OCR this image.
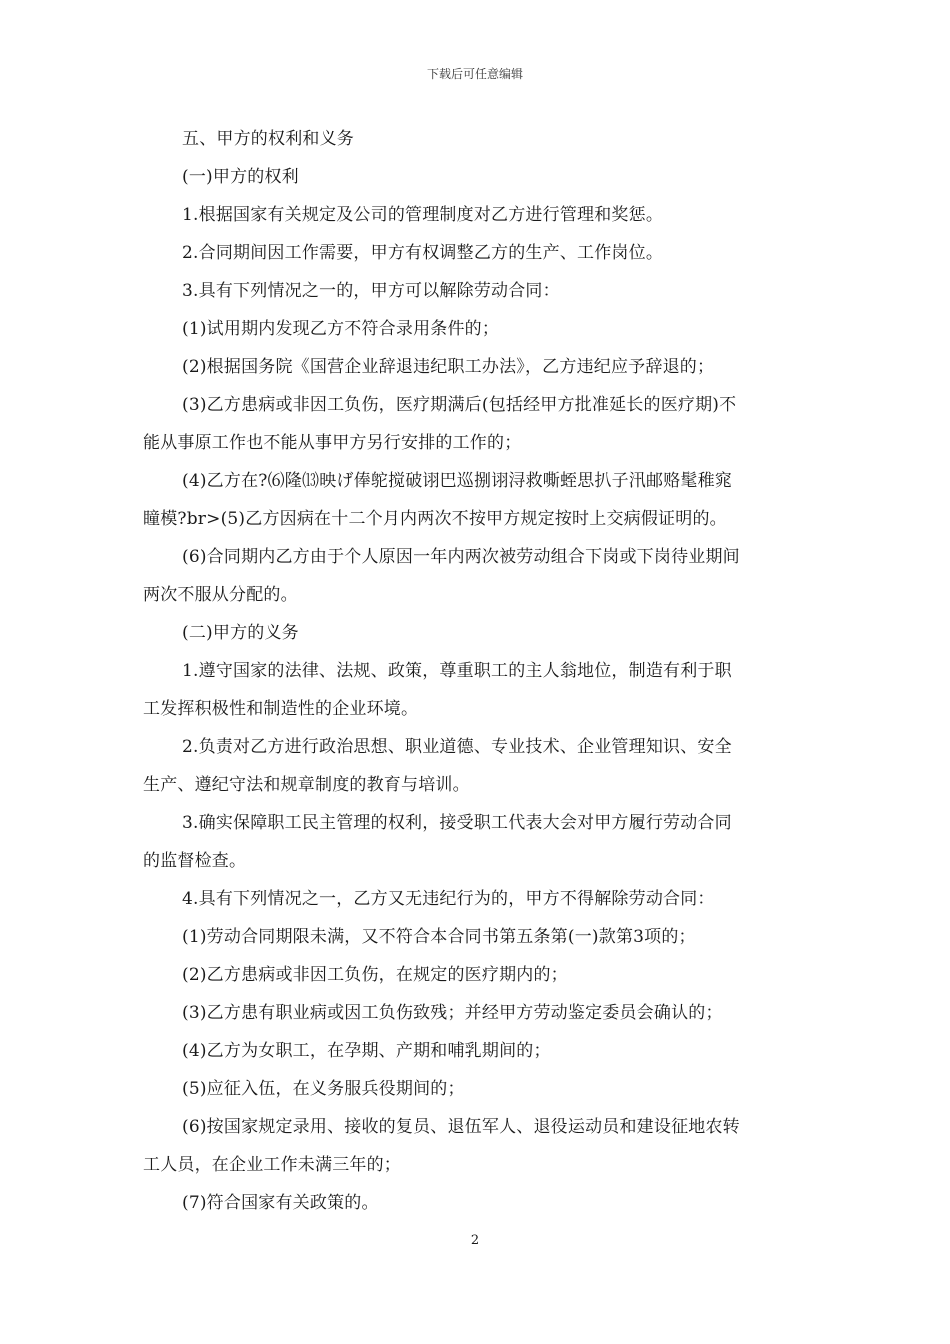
下载后可任意编辑
五、甲方的权利和义务
(一)甲方的权利
1.根据国家有关规定及公司的管理制度对乙方进行管理和奖惩。
2.合同期间因工作需要，甲方有权调整乙方的生产、工作岗位。
3.具有下列情况之一的，甲方可以解除劳动合同：
(1)试用期内发现乙方不符合录用条件的；
(2)根据国务院《国营企业辞退违纪职工办法》，乙方违纪应予辞退的；
(3)乙方患病或非因工负伤，医疗期满后(包括经甲方批准延长的医疗期)不
能从事原工作也不能从事甲方另行安排的工作的；
(4)乙方在?⑹隆⒀映げ俸鸵搅破诩巴巡捌诩浔救嘶蛭思扒子汛邮赂髦稚窕
瞳模?br>(5)乙方因病在十二个月内两次不按甲方规定按时上交病假证明的。
(6)合同期内乙方由于个人原因一年内两次被劳动组合下岗或下岗待业期间
两次不服从分配的。
(二)甲方的义务
1.遵守国家的法律、法规、政策，尊重职工的主人翁地位，制造有利于职
工发挥积极性和制造性的企业环境。
2.负责对乙方进行政治思想、职业道德、专业技术、企业管理知识、安全
生产、遵纪守法和规章制度的教育与培训。
3.确实保障职工民主管理的权利，接受职工代表大会对甲方履行劳动合同
的监督检查。
4.具有下列情况之一，乙方又无违纪行为的，甲方不得解除劳动合同：
(1)劳动合同期限未满，又不符合本合同书第五条第(一)款第3项的；
(2)乙方患病或非因工负伤，在规定的医疗期内的；
(3)乙方患有职业病或因工负伤致残；并经甲方劳动鉴定委员会确认的；
(4)乙方为女职工，在孕期、产期和哺乳期间的；
(5)应征入伍，在义务服兵役期间的；
(6)按国家规定录用、接收的复员、退伍军人、退役运动员和建设征地农转
工人员，在企业工作未满三年的；
(7)符合国家有关政策的。
2
